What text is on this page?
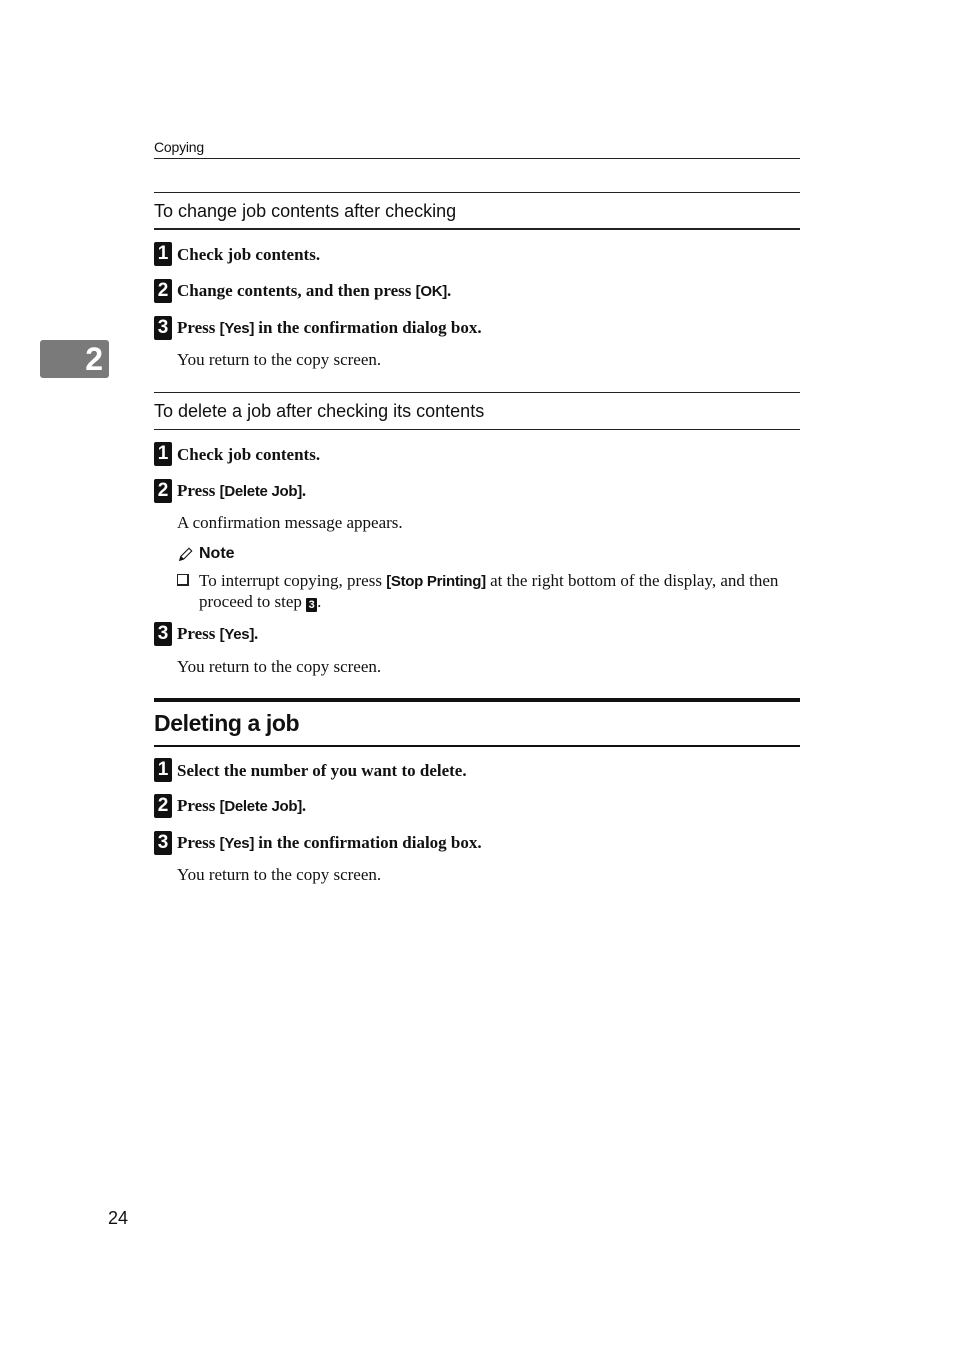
Copying
2
To change job contents after checking
1 Check job contents.
2 Change contents, and then press [OK].
3 Press [Yes] in the confirmation dialog box.
You return to the copy screen.
To delete a job after checking its contents
1 Check job contents.
2 Press [Delete Job].
A confirmation message appears.
Note
To interrupt copying, press [Stop Printing] at the right bottom of the display, and then proceed to step 3 .
3 Press [Yes].
You return to the copy screen.
Deleting a job
1 Select the number of you want to delete.
2 Press [Delete Job].
3 Press [Yes] in the confirmation dialog box.
You return to the copy screen.
24
